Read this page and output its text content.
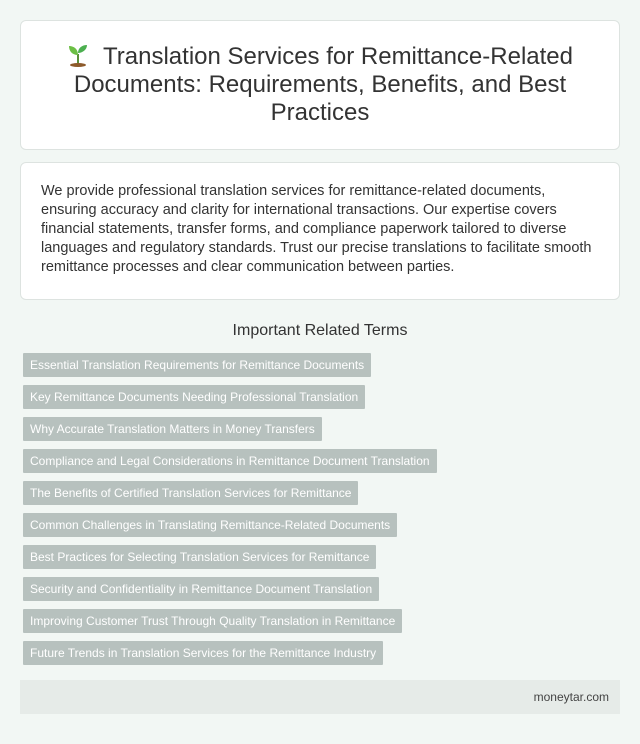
Translation Services for Remittance-Related Documents: Requirements, Benefits, and Best Practices

We provide professional translation services for remittance-related documents, ensuring accuracy and clarity for international transactions. Our expertise covers financial statements, transfer forms, and compliance paperwork tailored to diverse languages and regulatory standards. Trust our precise translations to facilitate smooth remittance processes and clear communication between parties.

Important Related Terms
Essential Translation Requirements for Remittance Documents
Key Remittance Documents Needing Professional Translation
Why Accurate Translation Matters in Money Transfers
Compliance and Legal Considerations in Remittance Document Translation
The Benefits of Certified Translation Services for Remittance
Common Challenges in Translating Remittance-Related Documents
Best Practices for Selecting Translation Services for Remittance
Security and Confidentiality in Remittance Document Translation
Improving Customer Trust Through Quality Translation in Remittance
Future Trends in Translation Services for the Remittance Industry
moneytar.com
